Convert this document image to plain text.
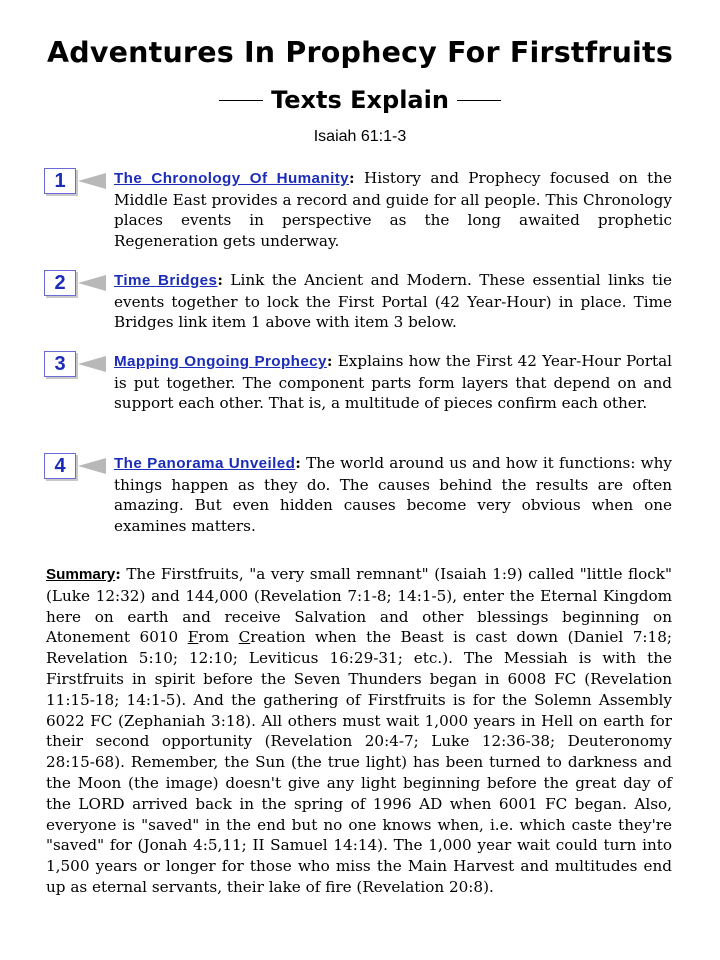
Adventures In Prophecy For Firstfruits
Texts Explain
Isaiah 61:1-3
1	The Chronology Of Humanity: History and Prophecy focused on the Middle East provides a record and guide for all people. This Chronology places events in perspective as the long awaited prophetic Regeneration gets underway.
2	Time Bridges: Link the Ancient and Modern. These essential links tie events together to lock the First Portal (42 Year-Hour) in place. Time Bridges link item 1 above with item 3 below.
3	Mapping Ongoing Prophecy: Explains how the First 42 Year-Hour Portal is put together. The component parts form layers that depend on and support each other. That is, a multitude of pieces confirm each other.
4	The Panorama Unveiled: The world around us and how it functions: why things happen as they do. The causes behind the results are often amazing. But even hidden causes become very obvious when one examines matters.
Summary: The Firstfruits, "a very small remnant" (Isaiah 1:9) called "little flock" (Luke 12:32) and 144,000 (Revelation 7:1-8; 14:1-5), enter the Eternal Kingdom here on earth and receive Salvation and other blessings beginning on Atonement 6010 From Creation when the Beast is cast down (Daniel 7:18; Revelation 5:10; 12:10; Leviticus 16:29-31; etc.). The Messiah is with the Firstfruits in spirit before the Seven Thunders began in 6008 FC (Revelation 11:15-18; 14:1-5). And the gathering of Firstfruits is for the Solemn Assembly 6022 FC (Zephaniah 3:18). All others must wait 1,000 years in Hell on earth for their second opportunity (Revelation 20:4-7; Luke 12:36-38; Deuteronomy 28:15-68). Remember, the Sun (the true light) has been turned to darkness and the Moon (the image) doesn't give any light beginning before the great day of the LORD arrived back in the spring of 1996 AD when 6001 FC began. Also, everyone is "saved" in the end but no one knows when, i.e. which caste they're "saved" for (Jonah 4:5,11; II Samuel 14:14). The 1,000 year wait could turn into 1,500 years or longer for those who miss the Main Harvest and multitudes end up as eternal servants, their lake of fire (Revelation 20:8).
